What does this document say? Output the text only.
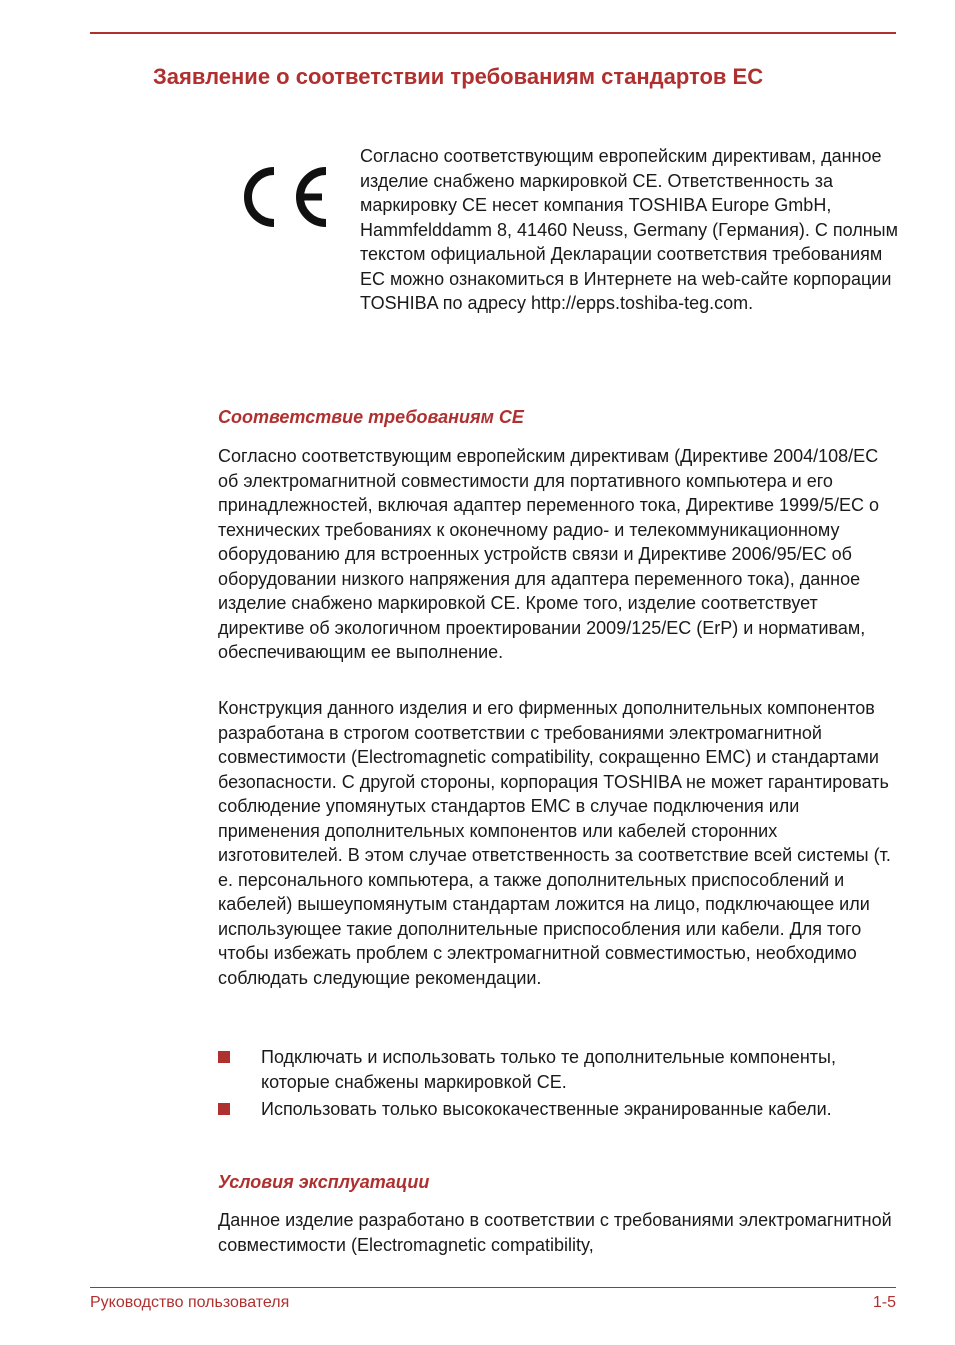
Заявление о соответствии требованиям стандартов ЕС

Согласно соответствующим европейским директивам, данное изделие снабжено маркировкой CE. Ответственность за маркировку CE несет компания TOSHIBA Europe GmbH, Hammfelddamm 8, 41460 Neuss, Germany (Германия). С полным текстом официальной Декларации соответствия требованиям ЕС можно ознакомиться в Интернете на web-сайте корпорации TOSHIBA по адресу http://epps.toshiba-teg.com.

Соответствие требованиям CE

Согласно соответствующим европейским директивам (Директиве 2004/108/EC об электромагнитной совместимости для портативного компьютера и его принадлежностей, включая адаптер переменного тока, Директиве 1999/5/EC о технических требованиях к оконечному радио- и телекоммуникационному оборудованию для встроенных устройств связи и Директиве 2006/95/EC об оборудовании низкого напряжения для адаптера переменного тока), данное изделие снабжено маркировкой CE. Кроме того, изделие соответствует директиве об экологичном проектировании 2009/125/EC (ErP) и нормативам, обеспечивающим ее выполнение.

Конструкция данного изделия и его фирменных дополнительных компонентов разработана в строгом соответствии с требованиями электромагнитной совместимости (Electromagnetic compatibility, сокращенно EMC) и стандартами безопасности. С другой стороны, корпорация TOSHIBA не может гарантировать соблюдение упомянутых стандартов EMC в случае подключения или применения дополнительных компонентов или кабелей сторонних изготовителей. В этом случае ответственность за соответствие всей системы (т. е. персонального компьютера, а также дополнительных приспособлений и кабелей) вышеупомянутым стандартам ложится на лицо, подключающее или использующее такие дополнительные приспособления или кабели. Для того чтобы избежать проблем с электромагнитной совместимостью, необходимо соблюдать следующие рекомендации.

Подключать и использовать только те дополнительные компоненты, которые снабжены маркировкой CE.
Использовать только высококачественные экранированные кабели.
Условия эксплуатации

Данное изделие разработано в соответствии с требованиями электромагнитной совместимости (Electromagnetic compatibility,

Руководство пользователя	1-5
